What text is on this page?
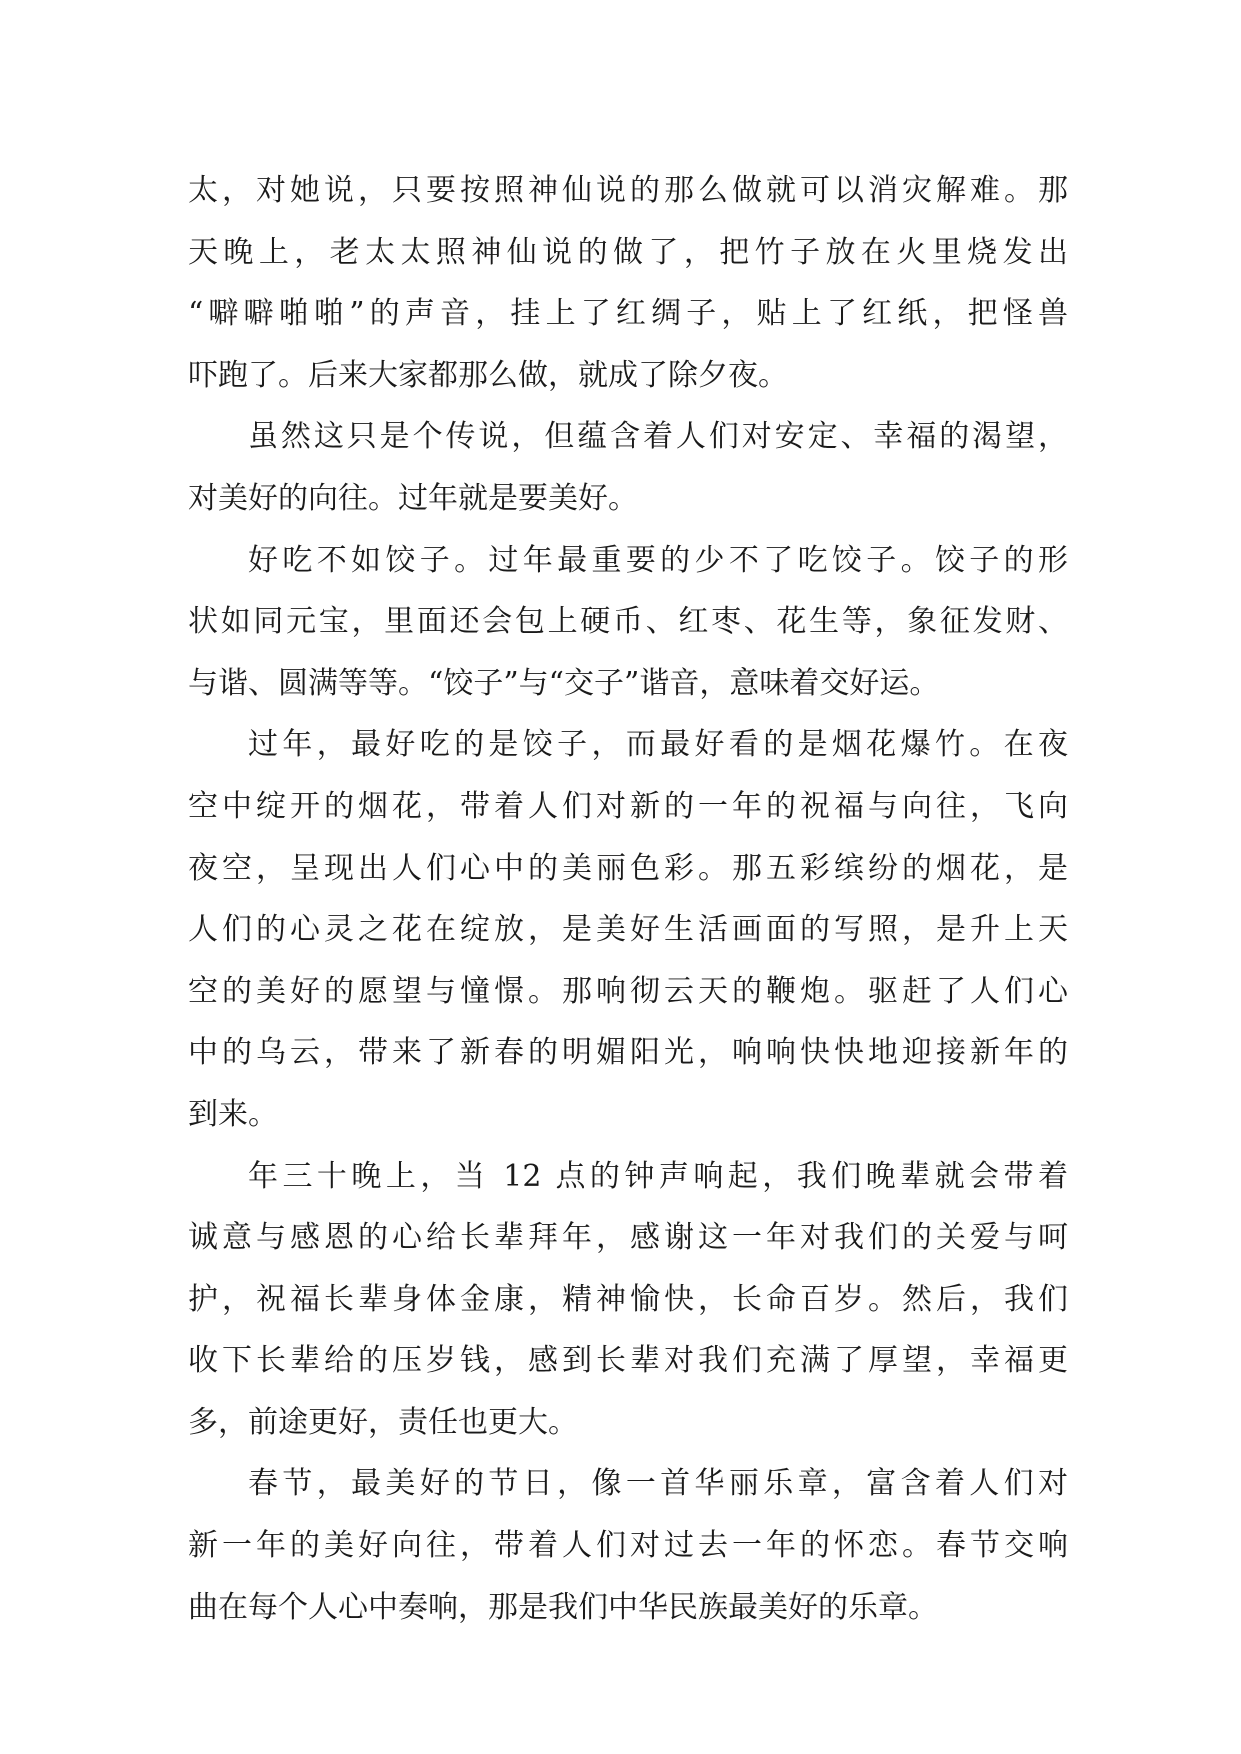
太，对她说，只要按照神仙说的那么做就可以消灾解难。那
天晚上，老太太照神仙说的做了，把竹子放在火里烧发出
“噼噼啪啪”的声音，挂上了红绸子，贴上了红纸，把怪兽
吓跑了。后来大家都那么做，就成了除夕夜。
虽然这只是个传说，但蕴含着人们对安定、幸福的渴望，
对美好的向往。过年就是要美好。
好吃不如饺子。过年最重要的少不了吃饺子。饺子的形
状如同元宝，里面还会包上硬币、红枣、花生等，象征发财、
与谐、圆满等等。“饺子”与“交子”谐音，意味着交好运。
过年，最好吃的是饺子，而最好看的是烟花爆竹。在夜
空中绽开的烟花，带着人们对新的一年的祝福与向往，飞向
夜空，呈现出人们心中的美丽色彩。那五彩缤纷的烟花，是
人们的心灵之花在绽放，是美好生活画面的写照，是升上天
空的美好的愿望与憧憬。那响彻云天的鞭炮。驱赶了人们心
中的乌云，带来了新春的明媚阳光，响响快快地迎接新年的
到来。
年三十晚上，当 12 点的钟声响起，我们晚辈就会带着
诚意与感恩的心给长辈拜年，感谢这一年对我们的关爱与呵
护，祝福长辈身体金康，精神愉快，长命百岁。然后，我们
收下长辈给的压岁钱，感到长辈对我们充满了厚望，幸福更
多，前途更好，责任也更大。
春节，最美好的节日，像一首华丽乐章，富含着人们对
新一年的美好向往，带着人们对过去一年的怀恋。春节交响
曲在每个人心中奏响，那是我们中华民族最美好的乐章。
